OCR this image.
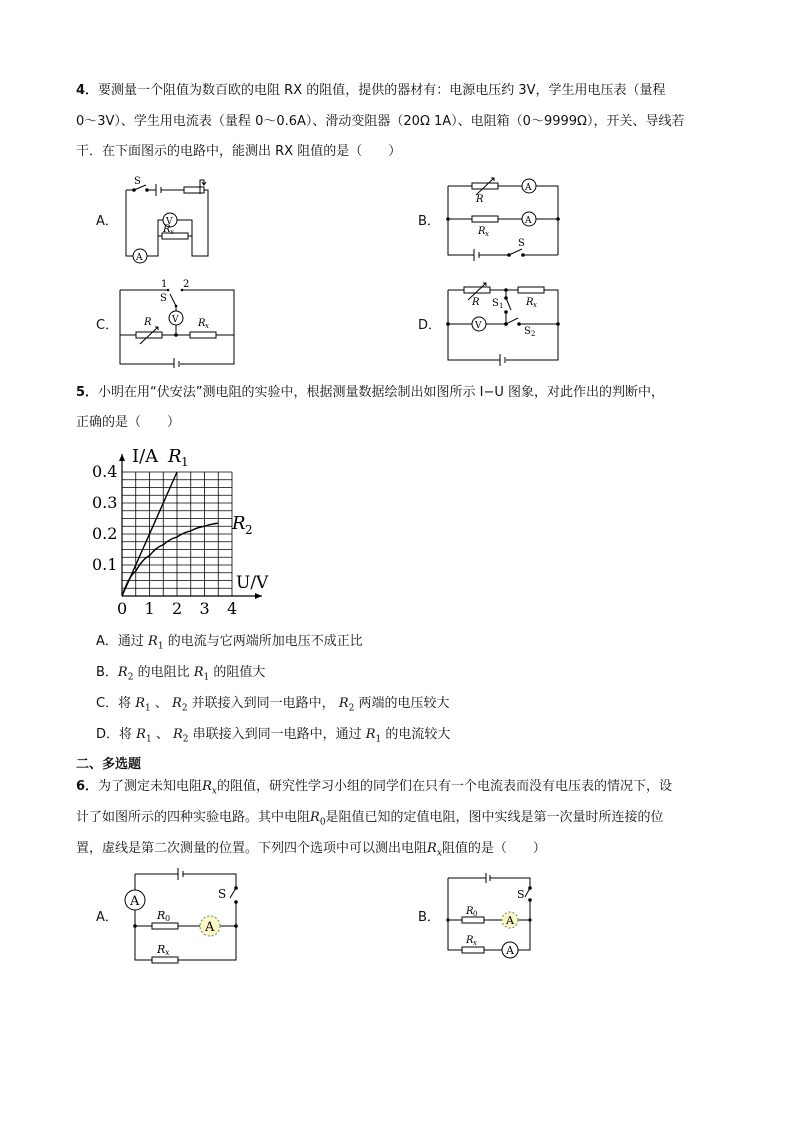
4．要测量一个阻值为数百欧的电阻 RX 的阻值，提供的器材有：电源电压约 3V，学生用电压表（量程
0～3V）、学生用电流表（量程 0～0.6A）、滑动变阻器（20Ω 1A）、电阻箱（0～9999Ω），开关、导线若
干．在下面图示的电路中，能测出 RX 阻值的是（　　）
A．	B．
C．	D．
S
A
V
R x
A
A
R
R x
S
1 2
S
V
R	R x	V
R	R x
S 1
S 2
5．小明在用“伏安法”测电阻的实验中，根据测量数据绘制出如图所示 I−U 图象，对此作出的判断中，
正确的是（　　）
0 1 2 3 4
0.1
0.2
0.3
0.4
I/A
U/V
R 1
R 2
A．通过 $R_1$ 的电流与它两端所加电压不成正比
B．$R_2$ 的电阻比 $R_1$ 的阻值大
C．将 $R_1$ 、 $R_2$ 并联接入到同一电路中， $R_2$ 两端的电压较大
D．将 $R_1$ 、 $R_2$ 串联接入到同一电路中，通过 $R_1$ 的电流较大
二、多选题
6．为了测定未知电阻$R_x$的阻值，研究性学习小组的同学们在只有一个电流表而没有电压表的情况下，设
计了如图所示的四种实验电路。其中电阻$R_0$是阻值已知的定值电阻，图中实线是第一次量时所连接的位
置，虚线是第二次测量的位置。下列四个选项中可以测出电阻$R_x$阻值的是（　　）
A．	B．
A
A
S
R 0
R x
A
A
S
R 0
R x
